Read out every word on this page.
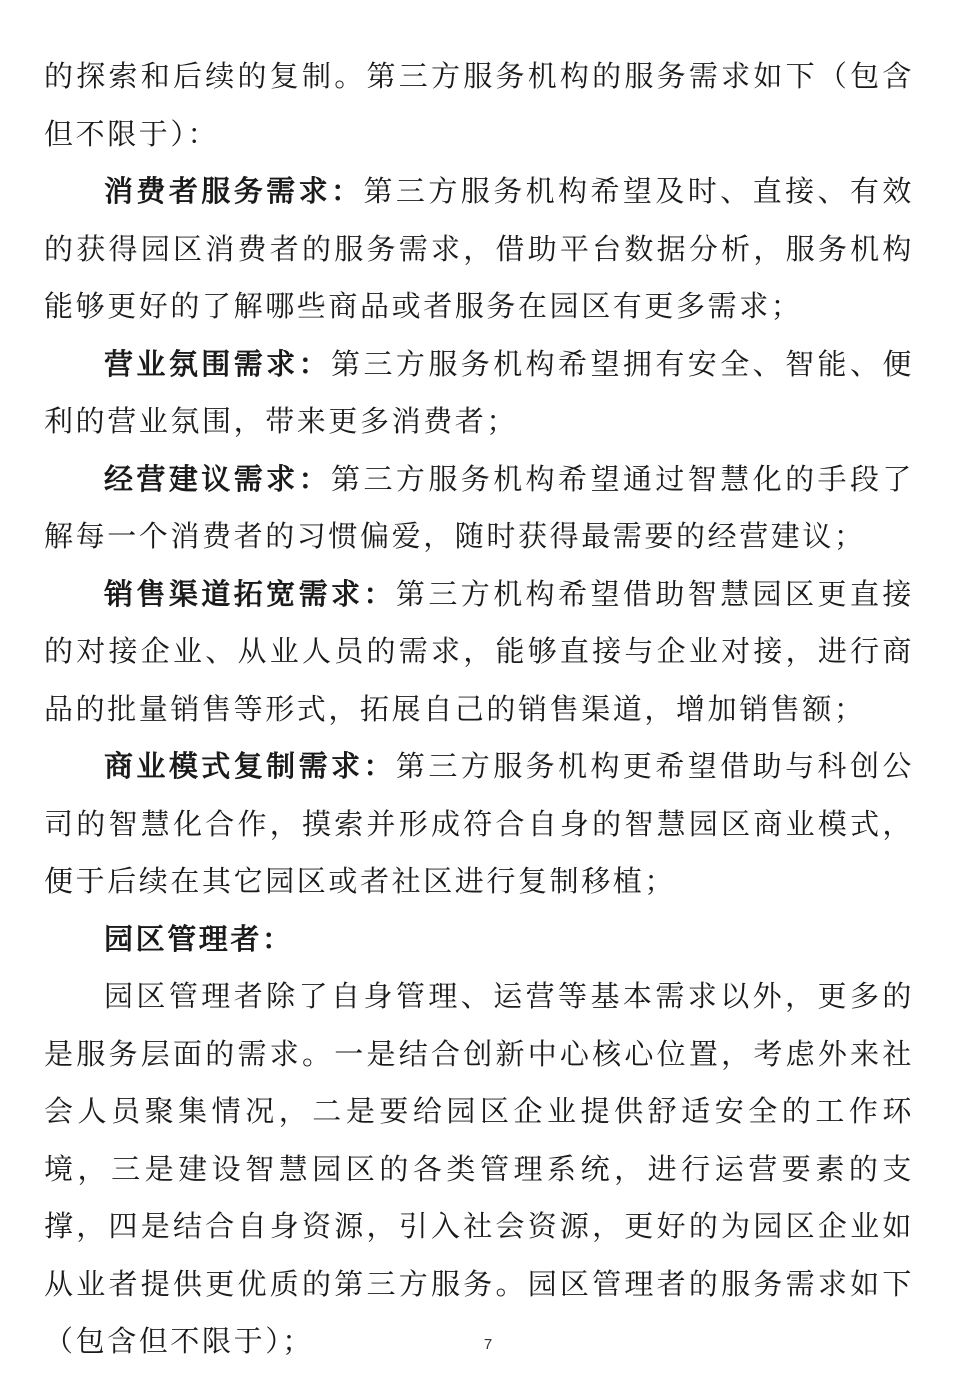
的探索和后续的复制。第三方服务机构的服务需求如下（包含但不限于）：

消费者服务需求：第三方服务机构希望及时、直接、有效的获得园区消费者的服务需求，借助平台数据分析，服务机构能够更好的了解哪些商品或者服务在园区有更多需求；

营业氛围需求：第三方服务机构希望拥有安全、智能、便利的营业氛围，带来更多消费者；

经营建议需求：第三方服务机构希望通过智慧化的手段了解每一个消费者的习惯偏爱，随时获得最需要的经营建议；

销售渠道拓宽需求：第三方机构希望借助智慧园区更直接的对接企业、从业人员的需求，能够直接与企业对接，进行商品的批量销售等形式，拓展自己的销售渠道，增加销售额；

商业模式复制需求：第三方服务机构更希望借助与科创公司的智慧化合作，摸索并形成符合自身的智慧园区商业模式，便于后续在其它园区或者社区进行复制移植；

园区管理者：

园区管理者除了自身管理、运营等基本需求以外，更多的是服务层面的需求。一是结合创新中心核心位置，考虑外来社会人员聚集情况，二是要给园区企业提供舒适安全的工作环境，三是建设智慧园区的各类管理系统，进行运营要素的支撑，四是结合自身资源，引入社会资源，更好的为园区企业如从业者提供更优质的第三方服务。园区管理者的服务需求如下（包含但不限于）；	7
